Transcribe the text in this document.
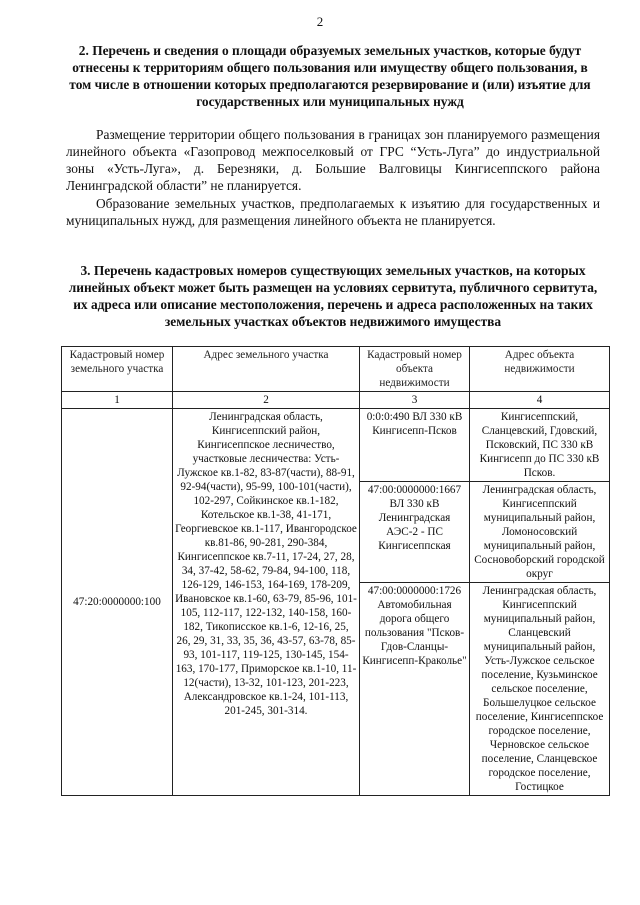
2
2. Перечень и сведения о площади образуемых земельных участков, которые будут отнесены к территориям общего пользования или имуществу общего пользования, в том числе в отношении которых предполагаются резервирование и (или) изъятие для государственных или муниципальных нужд
Размещение территории общего пользования в границах зон планируемого размещения линейного объекта «Газопровод межпоселковый от ГРС “Усть-Луга” до индустриальной зоны «Усть-Луга», д. Березняки, д. Большие Валговицы Кингисеппского района Ленинградской области” не планируется.
Образование земельных участков, предполагаемых к изъятию для государственных и муниципальных нужд, для размещения линейного объекта не планируется.
3. Перечень кадастровых номеров существующих земельных участков, на которых линейных объект может быть размещен на условиях сервитута, публичного сервитута, их адреса или описание местоположения, перечень и адреса расположенных на таких земельных участках объектов недвижимого имущества
Кадастровый номер земельного участка	Адрес земельного участка	Кадастровый номер объекта недвижимости	Адрес объекта недвижимости
1	2	3	4
47:20:0000000:100	Ленинградская область, Кингисеппский район, Кингисеппское лесничество, участковые лесничества: Усть-Лужское кв.1-82, 83-87(части), 88-91, 92-94(части), 95-99, 100-101(части), 102-297, Сойкинское кв.1-182, Котельское кв.1-38, 41-171, Георгиевское кв.1-117, Ивангородское кв.81-86, 90-281, 290-384, Кингисеппское кв.7-11, 17-24, 27, 28, 34, 37-42, 58-62, 79-84, 94-100, 118, 126-129, 146-153, 164-169, 178-209, Ивановское кв.1-60, 63-79, 85-96, 101-105, 112-117, 122-132, 140-158, 160-182, Тикописское кв.1-6, 12-16, 25, 26, 29, 31, 33, 35, 36, 43-57, 63-78, 85-93, 101-117, 119-125, 130-145, 154-163, 170-177, Приморское кв.1-10, 11-12(части), 13-32, 101-123, 201-223, Александровское кв.1-24, 101-113, 201-245, 301-314.	0:0:0:490 ВЛ 330 кВ Кингисепп-Псков	Кингисеппский, Сланцевский, Гдовский, Псковский, ПС 330 кВ Кингисепп до ПС 330 кВ Псков.
		47:00:0000000:1667 ВЛ 330 кВ Ленинградская АЭС-2 - ПС Кингисеппская	Ленинградская область, Кингисеппский муниципальный район, Ломоносовский муниципальный район, Сосновоборский городской округ
		47:00:0000000:1726 Автомобильная дорога общего пользования "Псков-Гдов-Сланцы-Кингисепп-Краколье"	Ленинградская область, Кингисеппский муниципальный район, Сланцевский муниципальный район, Усть-Лужское сельское поселение, Кузьминское сельское поселение, Большелуцкое сельское поселение, Кингисеппское городское поселение, Черновское сельское поселение, Сланцевское городское поселение, Гостицкое
